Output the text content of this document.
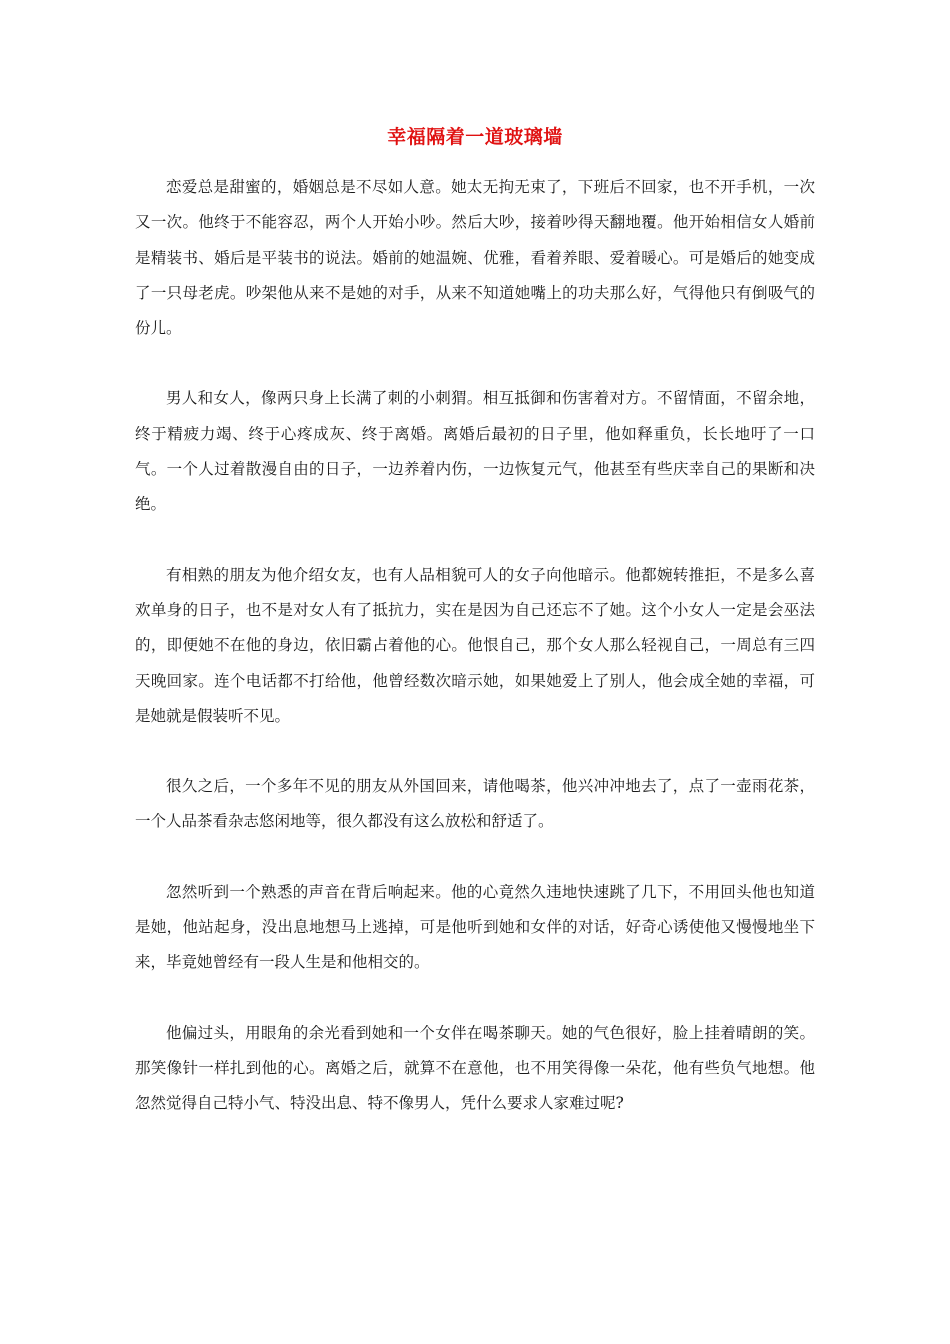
幸福隔着一道玻璃墙

恋爱总是甜蜜的，婚姻总是不尽如人意。她太无拘无束了，下班后不回家，也不开手机，一次又一次。他终于不能容忍，两个人开始小吵。然后大吵，接着吵得天翻地覆。他开始相信女人婚前是精装书、婚后是平装书的说法。婚前的她温婉、优雅，看着养眼、爱着暖心。可是婚后的她变成了一只母老虎。吵架他从来不是她的对手，从来不知道她嘴上的功夫那么好，气得他只有倒吸气的份儿。

男人和女人，像两只身上长满了刺的小刺猬。相互抵御和伤害着对方。不留情面，不留余地，终于精疲力竭、终于心疼成灰、终于离婚。离婚后最初的日子里，他如释重负，长长地吁了一口气。一个人过着散漫自由的日子，一边养着内伤，一边恢复元气，他甚至有些庆幸自己的果断和决绝。

有相熟的朋友为他介绍女友，也有人品相貌可人的女子向他暗示。他都婉转推拒，不是多么喜欢单身的日子，也不是对女人有了抵抗力，实在是因为自己还忘不了她。这个小女人一定是会巫法的，即便她不在他的身边，依旧霸占着他的心。他恨自己，那个女人那么轻视自己，一周总有三四天晚回家。连个电话都不打给他，他曾经数次暗示她，如果她爱上了别人，他会成全她的幸福，可是她就是假装听不见。

很久之后，一个多年不见的朋友从外国回来，请他喝茶，他兴冲冲地去了，点了一壶雨花茶，一个人品茶看杂志悠闲地等，很久都没有这么放松和舒适了。

忽然听到一个熟悉的声音在背后响起来。他的心竟然久违地快速跳了几下，不用回头他也知道是她，他站起身，没出息地想马上逃掉，可是他听到她和女伴的对话，好奇心诱使他又慢慢地坐下来，毕竟她曾经有一段人生是和他相交的。

他偏过头，用眼角的余光看到她和一个女伴在喝茶聊天。她的气色很好，脸上挂着晴朗的笑。那笑像针一样扎到他的心。离婚之后，就算不在意他，也不用笑得像一朵花，他有些负气地想。他忽然觉得自己特小气、特没出息、特不像男人，凭什么要求人家难过呢?
